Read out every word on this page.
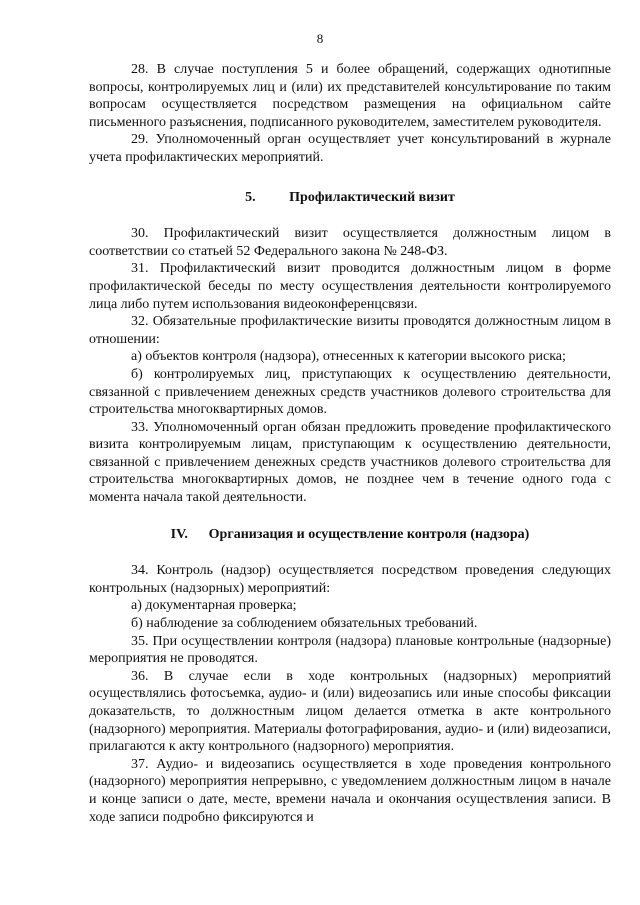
8

28. В случае поступления 5 и более обращений, содержащих однотипные вопросы, контролируемых лиц и (или) их представителей консультирование по таким вопросам осуществляется посредством размещения на официальном сайте письменного разъяснения, подписанного руководителем, заместителем руководителя.

29. Уполномоченный орган осуществляет учет консультирований в журнале учета профилактических мероприятий.

5. Профилактический визит

30. Профилактический визит осуществляется должностным лицом в соответствии со статьей 52 Федерального закона № 248-ФЗ.

31. Профилактический визит проводится должностным лицом в форме профилактической беседы по месту осуществления деятельности контролируемого лица либо путем использования видеоконференцсвязи.

32. Обязательные профилактические визиты проводятся должностным лицом в отношении:

а) объектов контроля (надзора), отнесенных к категории высокого риска;

б) контролируемых лиц, приступающих к осуществлению деятельности, связанной с привлечением денежных средств участников долевого строительства для строительства многоквартирных домов.

33. Уполномоченный орган обязан предложить проведение профилактического визита контролируемым лицам, приступающим к осуществлению деятельности, связанной с привлечением денежных средств участников долевого строительства для строительства многоквартирных домов, не позднее чем в течение одного года с момента начала такой деятельности.

IV. Организация и осуществление контроля (надзора)

34. Контроль (надзор) осуществляется посредством проведения следующих контрольных (надзорных) мероприятий:

а) документарная проверка;

б) наблюдение за соблюдением обязательных требований.

35. При осуществлении контроля (надзора) плановые контрольные (надзорные) мероприятия не проводятся.

36. В случае если в ходе контрольных (надзорных) мероприятий осуществлялись фотосъемка, аудио- и (или) видеозапись или иные способы фиксации доказательств, то должностным лицом делается отметка в акте контрольного (надзорного) мероприятия. Материалы фотографирования, аудио- и (или) видеозаписи, прилагаются к акту контрольного (надзорного) мероприятия.

37. Аудио- и видеозапись осуществляется в ходе проведения контрольного (надзорного) мероприятия непрерывно, с уведомлением должностным лицом в начале и конце записи о дате, месте, времени начала и окончания осуществления записи. В ходе записи подробно фиксируются и
